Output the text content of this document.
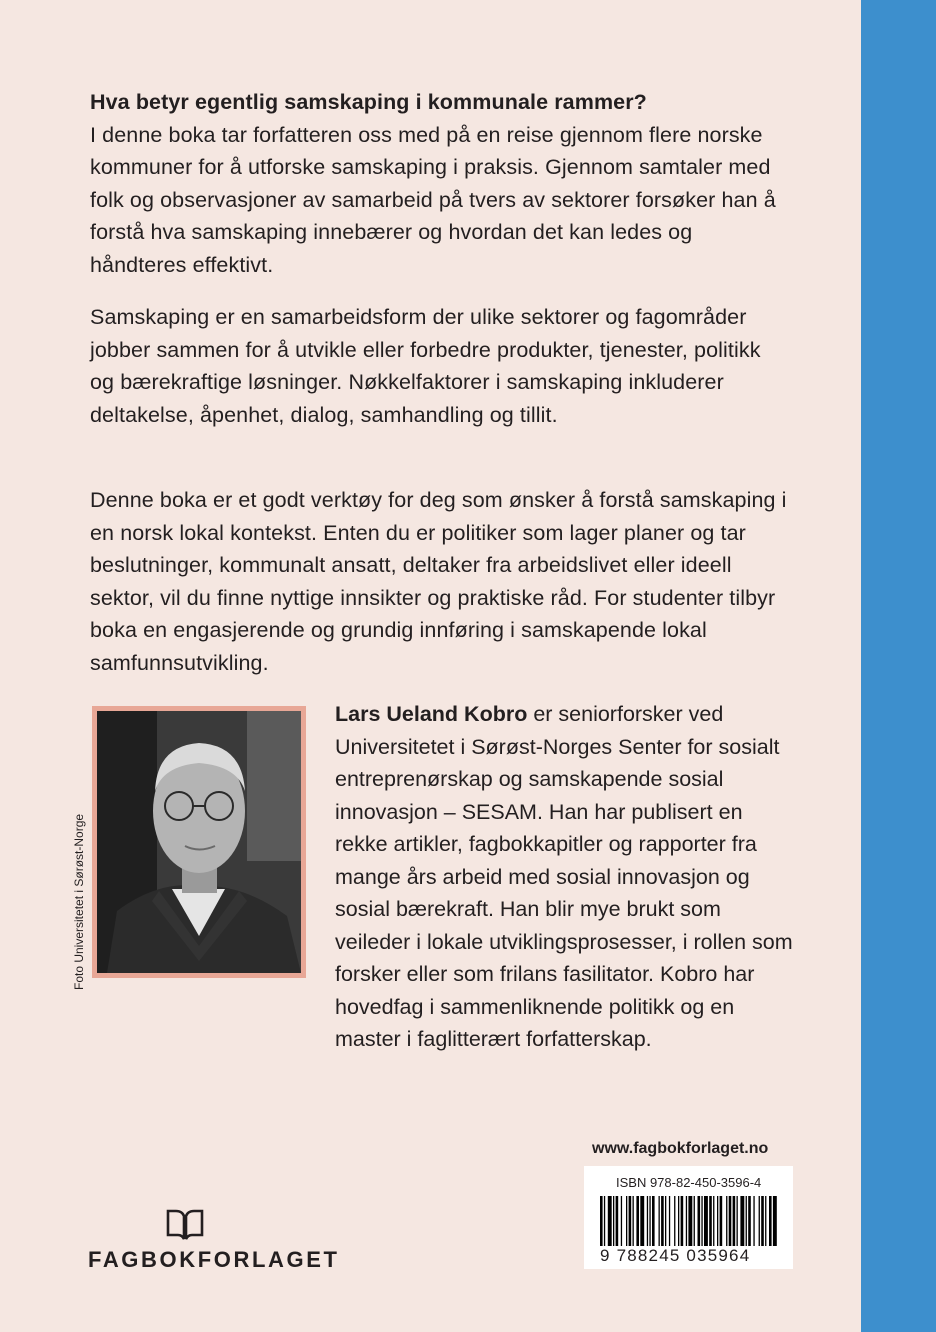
Hva betyr egentlig samskaping i kommunale rammer?
I denne boka tar forfatteren oss med på en reise gjennom flere norske kommuner for å utforske samskaping i praksis. Gjennom samtaler med folk og observasjoner av samarbeid på tvers av sektorer forsøker han å forstå hva samskaping innebærer og hvordan det kan ledes og håndteres effektivt.

Samskaping er en samarbeidsform der ulike sektorer og fagområder jobber sammen for å utvikle eller forbedre produkter, tjenester, politikk og bærekraftige løsninger. Nøkkelfaktorer i samskaping inkluderer deltakelse, åpenhet, dialog, samhandling og tillit.

Denne boka er et godt verktøy for deg som ønsker å forstå samskaping i en norsk lokal kontekst. Enten du er politiker som lager planer og tar beslutninger, kommunalt ansatt, deltaker fra arbeidslivet eller ideell sektor, vil du finne nyttige innsikter og praktiske råd. For studenter tilbyr boka en engasjerende og grundig innføring i samskapende lokal samfunnsutvikling.

Foto Universitetet i Sørøst-Norge
Lars Ueland Kobro er seniorforsker ved Universitetet i Sørøst-Norges Senter for sosialt entreprenørskap og samskapende sosial innovasjon – SESAM. Han har publisert en rekke artikler, fagbokkapitler og rapporter fra mange års arbeid med sosial innovasjon og sosial bærekraft. Han blir mye brukt som veileder i lokale utviklingsprosesser, i rollen som forsker eller som frilans fasilitator. Kobro har hovedfag i sammenliknende politikk og en master i faglitterært forfatterskap.
www.fagbokforlaget.no
ISBN 978-82-450-3596-4
9 788245 035964
FAGBOKFORLAGET
